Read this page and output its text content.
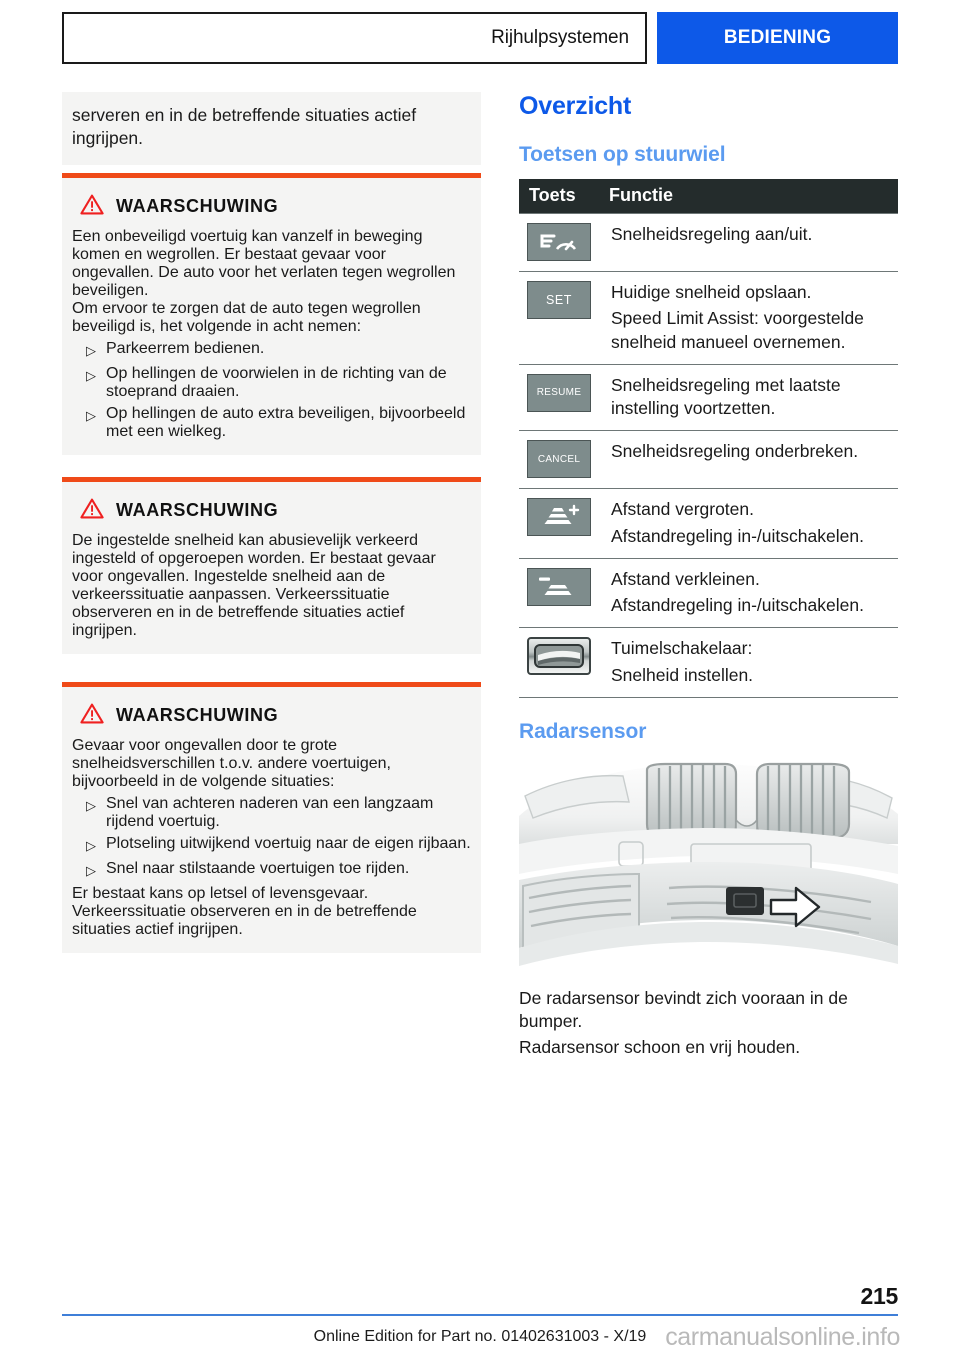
Rijhulpsystemen	BEDIENING

serveren en in de betreffende situaties actief ingrijpen.

WAARSCHUWING

Een onbeveiligd voertuig kan vanzelf in beweging komen en wegrollen. Er bestaat gevaar voor ongevallen. De auto voor het verlaten tegen wegrollen beveiligen.

Om ervoor te zorgen dat de auto tegen wegrollen beveiligd is, het volgende in acht nemen:

▷ Parkeerrem bedienen.
▷ Op hellingen de voorwielen in de richting van de stoeprand draaien.
▷ Op hellingen de auto extra beveiligen, bijvoorbeeld met een wielkeg.
WAARSCHUWING

De ingestelde snelheid kan abusievelijk verkeerd ingesteld of opgeroepen worden. Er bestaat gevaar voor ongevallen. Ingestelde snelheid aan de verkeerssituatie aanpassen. Verkeerssituatie observeren en in de betreffende situaties actief ingrijpen.

WAARSCHUWING

Gevaar voor ongevallen door te grote snelheidsverschillen t.o.v. andere voertuigen, bijvoorbeeld in de volgende situaties:

▷ Snel van achteren naderen van een langzaam rijdend voertuig.
▷ Plotseling uitwijkend voertuig naar de eigen rijbaan.
▷ Snel naar stilstaande voertuigen toe rijden.

Er bestaat kans op letsel of levensgevaar. Verkeerssituatie observeren en in de betreffende situaties actief ingrijpen.

Overzicht
Toetsen op stuurwiel
Toets	Functie

Snelheidsregeling aan/uit.

SET	Huidige snelheid opslaan.
Speed Limit Assist: voorgestelde snelheid manueel overnemen.

RESUME	Snelheidsregeling met laatste instelling voortzetten.

CANCEL	Snelheidsregeling onderbreken.

Afstand vergroten.
Afstandregeling in-/uitschakelen.

Afstand verkleinen.
Afstandregeling in-/uitschakelen.

Tuimelschakelaar:
Snelheid instellen.
Radarsensor
De radarsensor bevindt zich vooraan in de bumper.
Radarsensor schoon en vrij houden.
215
Online Edition for Part no. 01402631003 - X/19 carmanualsonline.info
